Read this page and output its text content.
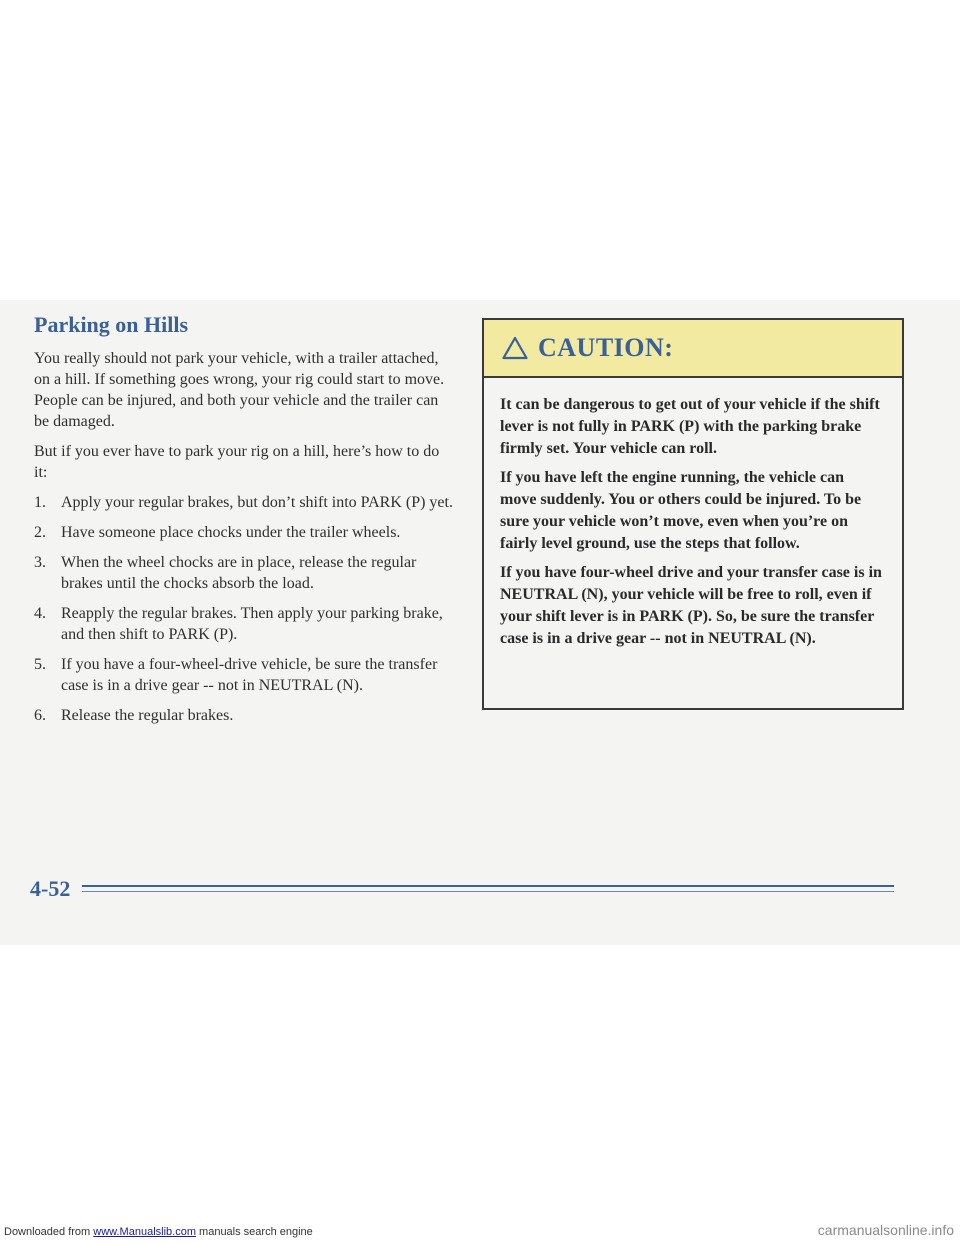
Parking on Hills

You really should not park your vehicle, with a trailer attached, on a hill. If something goes wrong, your rig could start to move. People can be injured, and both your vehicle and the trailer can be damaged.

But if you ever have to park your rig on a hill, here’s how to do it:

1. Apply your regular brakes, but don’t shift into PARK (P) yet.
2. Have someone place chocks under the trailer wheels.
3. When the wheel chocks are in place, release the regular brakes until the chocks absorb the load.
4. Reapply the regular brakes. Then apply your parking brake, and then shift to PARK (P).
5. If you have a four-wheel-drive vehicle, be sure the transfer case is in a drive gear -- not in NEUTRAL (N).
6. Release the regular brakes.
CAUTION:

It can be dangerous to get out of your vehicle if the shift lever is not fully in PARK (P) with the parking brake firmly set. Your vehicle can roll.

If you have left the engine running, the vehicle can move suddenly. You or others could be injured. To be sure your vehicle won’t move, even when you’re on fairly level ground, use the steps that follow.

If you have four-wheel drive and your transfer case is in NEUTRAL (N), your vehicle will be free to roll, even if your shift lever is in PARK (P). So, be sure the transfer case is in a drive gear -- not in NEUTRAL (N).

4-52
Downloaded from www.Manualslib.com manuals search engine	carmanualsonline.info
